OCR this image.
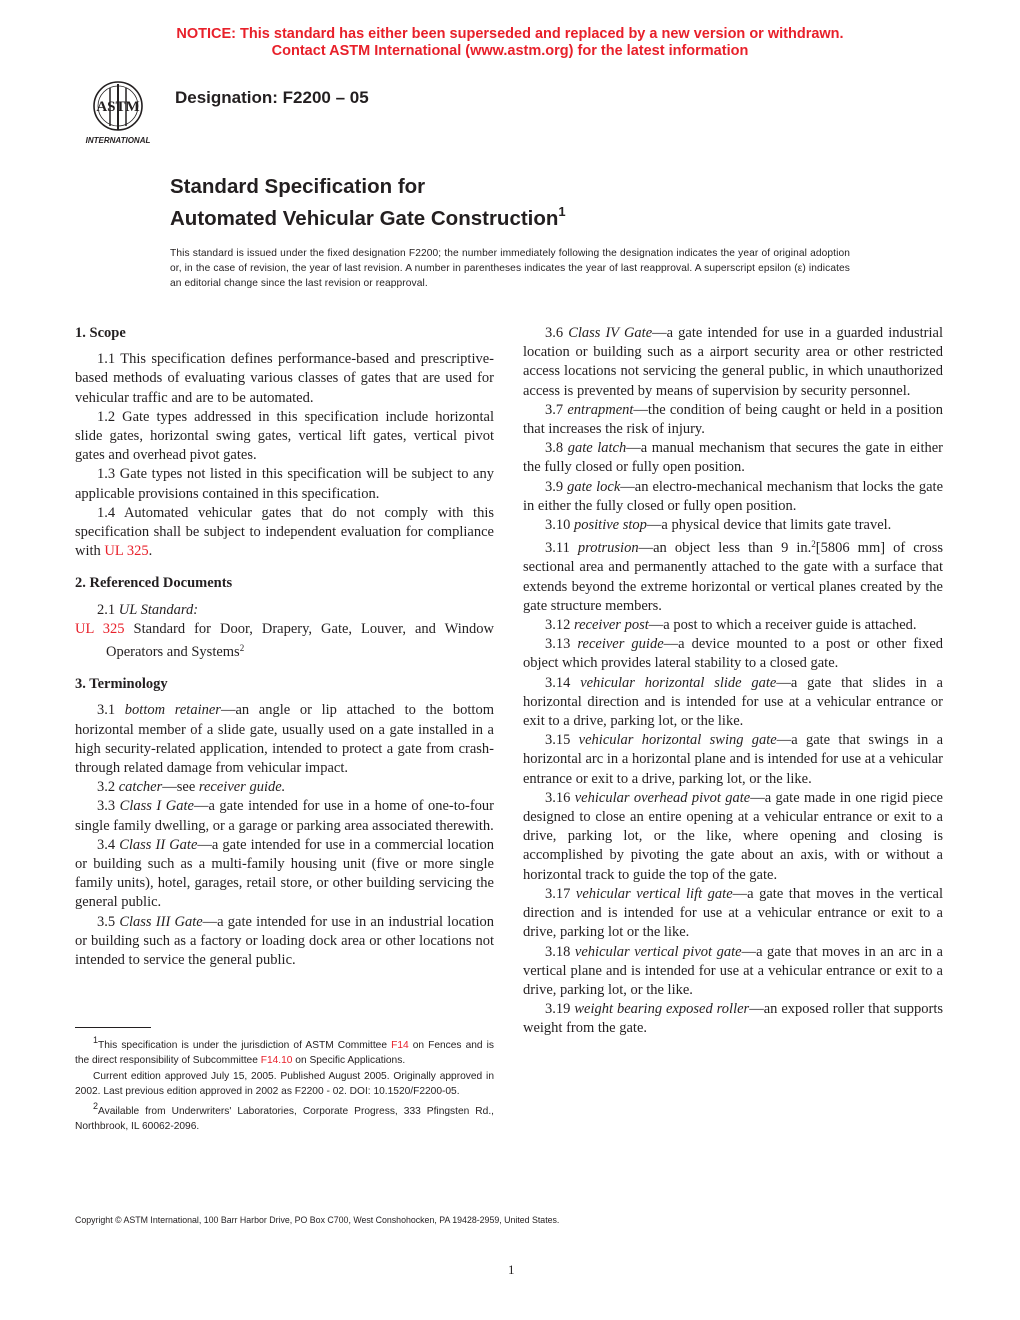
NOTICE: This standard has either been superseded and replaced by a new version or withdrawn.
Contact ASTM International (www.astm.org) for the latest information
ASTM
INTERNATIONAL
Designation: F2200 – 05
Standard Specification for
Automated Vehicular Gate Construction$^1$
This standard is issued under the fixed designation F2200; the number immediately following the designation indicates the year of original adoption or, in the case of revision, the year of last revision. A number in parentheses indicates the year of last reapproval. A superscript epsilon (ε) indicates an editorial change since the last revision or reapproval.
1. Scope

1.1 This specification defines performance-based and prescriptive-based methods of evaluating various classes of gates that are used for vehicular traffic and are to be automated.

1.2 Gate types addressed in this specification include horizontal slide gates, horizontal swing gates, vertical lift gates, vertical pivot gates and overhead pivot gates.

1.3 Gate types not listed in this specification will be subject to any applicable provisions contained in this specification.

1.4 Automated vehicular gates that do not comply with this specification shall be subject to independent evaluation for compliance with UL 325.

2. Referenced Documents

2.1 UL Standard:

UL 325 Standard for Door, Drapery, Gate, Louver, and Window Operators and Systems$^2$

3. Terminology

3.1 bottom retainer—an angle or lip attached to the bottom horizontal member of a slide gate, usually used on a gate installed in a high security-related application, intended to protect a gate from crash-through related damage from vehicular impact.

3.2 catcher—see receiver guide.

3.3 Class I Gate—a gate intended for use in a home of one-to-four single family dwelling, or a garage or parking area associated therewith.

3.4 Class II Gate—a gate intended for use in a commercial location or building such as a multi-family housing unit (five or more single family units), hotel, garages, retail store, or other building servicing the general public.

3.5 Class III Gate—a gate intended for use in an industrial location or building such as a factory or loading dock area or other locations not intended to service the general public.

3.6 Class IV Gate—a gate intended for use in a guarded industrial location or building such as a airport security area or other restricted access locations not servicing the general public, in which unauthorized access is prevented by means of supervision by security personnel.

3.7 entrapment—the condition of being caught or held in a position that increases the risk of injury.

3.8 gate latch—a manual mechanism that secures the gate in either the fully closed or fully open position.

3.9 gate lock—an electro-mechanical mechanism that locks the gate in either the fully closed or fully open position.

3.10 positive stop—a physical device that limits gate travel.

3.11 protrusion—an object less than 9 in.$^2$[5806 mm] of cross sectional area and permanently attached to the gate with a surface that extends beyond the extreme horizontal or vertical planes created by the gate structure members.

3.12 receiver post—a post to which a receiver guide is attached.

3.13 receiver guide—a device mounted to a post or other fixed object which provides lateral stability to a closed gate.

3.14 vehicular horizontal slide gate—a gate that slides in a horizontal direction and is intended for use at a vehicular entrance or exit to a drive, parking lot, or the like.

3.15 vehicular horizontal swing gate—a gate that swings in a horizontal arc in a horizontal plane and is intended for use at a vehicular entrance or exit to a drive, parking lot, or the like.

3.16 vehicular overhead pivot gate—a gate made in one rigid piece designed to close an entire opening at a vehicular entrance or exit to a drive, parking lot, or the like, where opening and closing is accomplished by pivoting the gate about an axis, with or without a horizontal track to guide the top of the gate.

3.17 vehicular vertical lift gate—a gate that moves in the vertical direction and is intended for use at a vehicular entrance or exit to a drive, parking lot or the like.

3.18 vehicular vertical pivot gate—a gate that moves in an arc in a vertical plane and is intended for use at a vehicular entrance or exit to a drive, parking lot, or the like.

3.19 weight bearing exposed roller—an exposed roller that supports weight from the gate.

$^1$This specification is under the jurisdiction of ASTM Committee F14 on Fences and is the direct responsibility of Subcommittee F14.10 on Specific Applications.

Current edition approved July 15, 2005. Published August 2005. Originally approved in 2002. Last previous edition approved in 2002 as F2200 - 02. DOI: 10.1520/F2200-05.

$^2$Available from Underwriters' Laboratories, Corporate Progress, 333 Pfingsten Rd., Northbrook, IL 60062-2096.

Copyright © ASTM International, 100 Barr Harbor Drive, PO Box C700, West Conshohocken, PA 19428-2959, United States.
1
